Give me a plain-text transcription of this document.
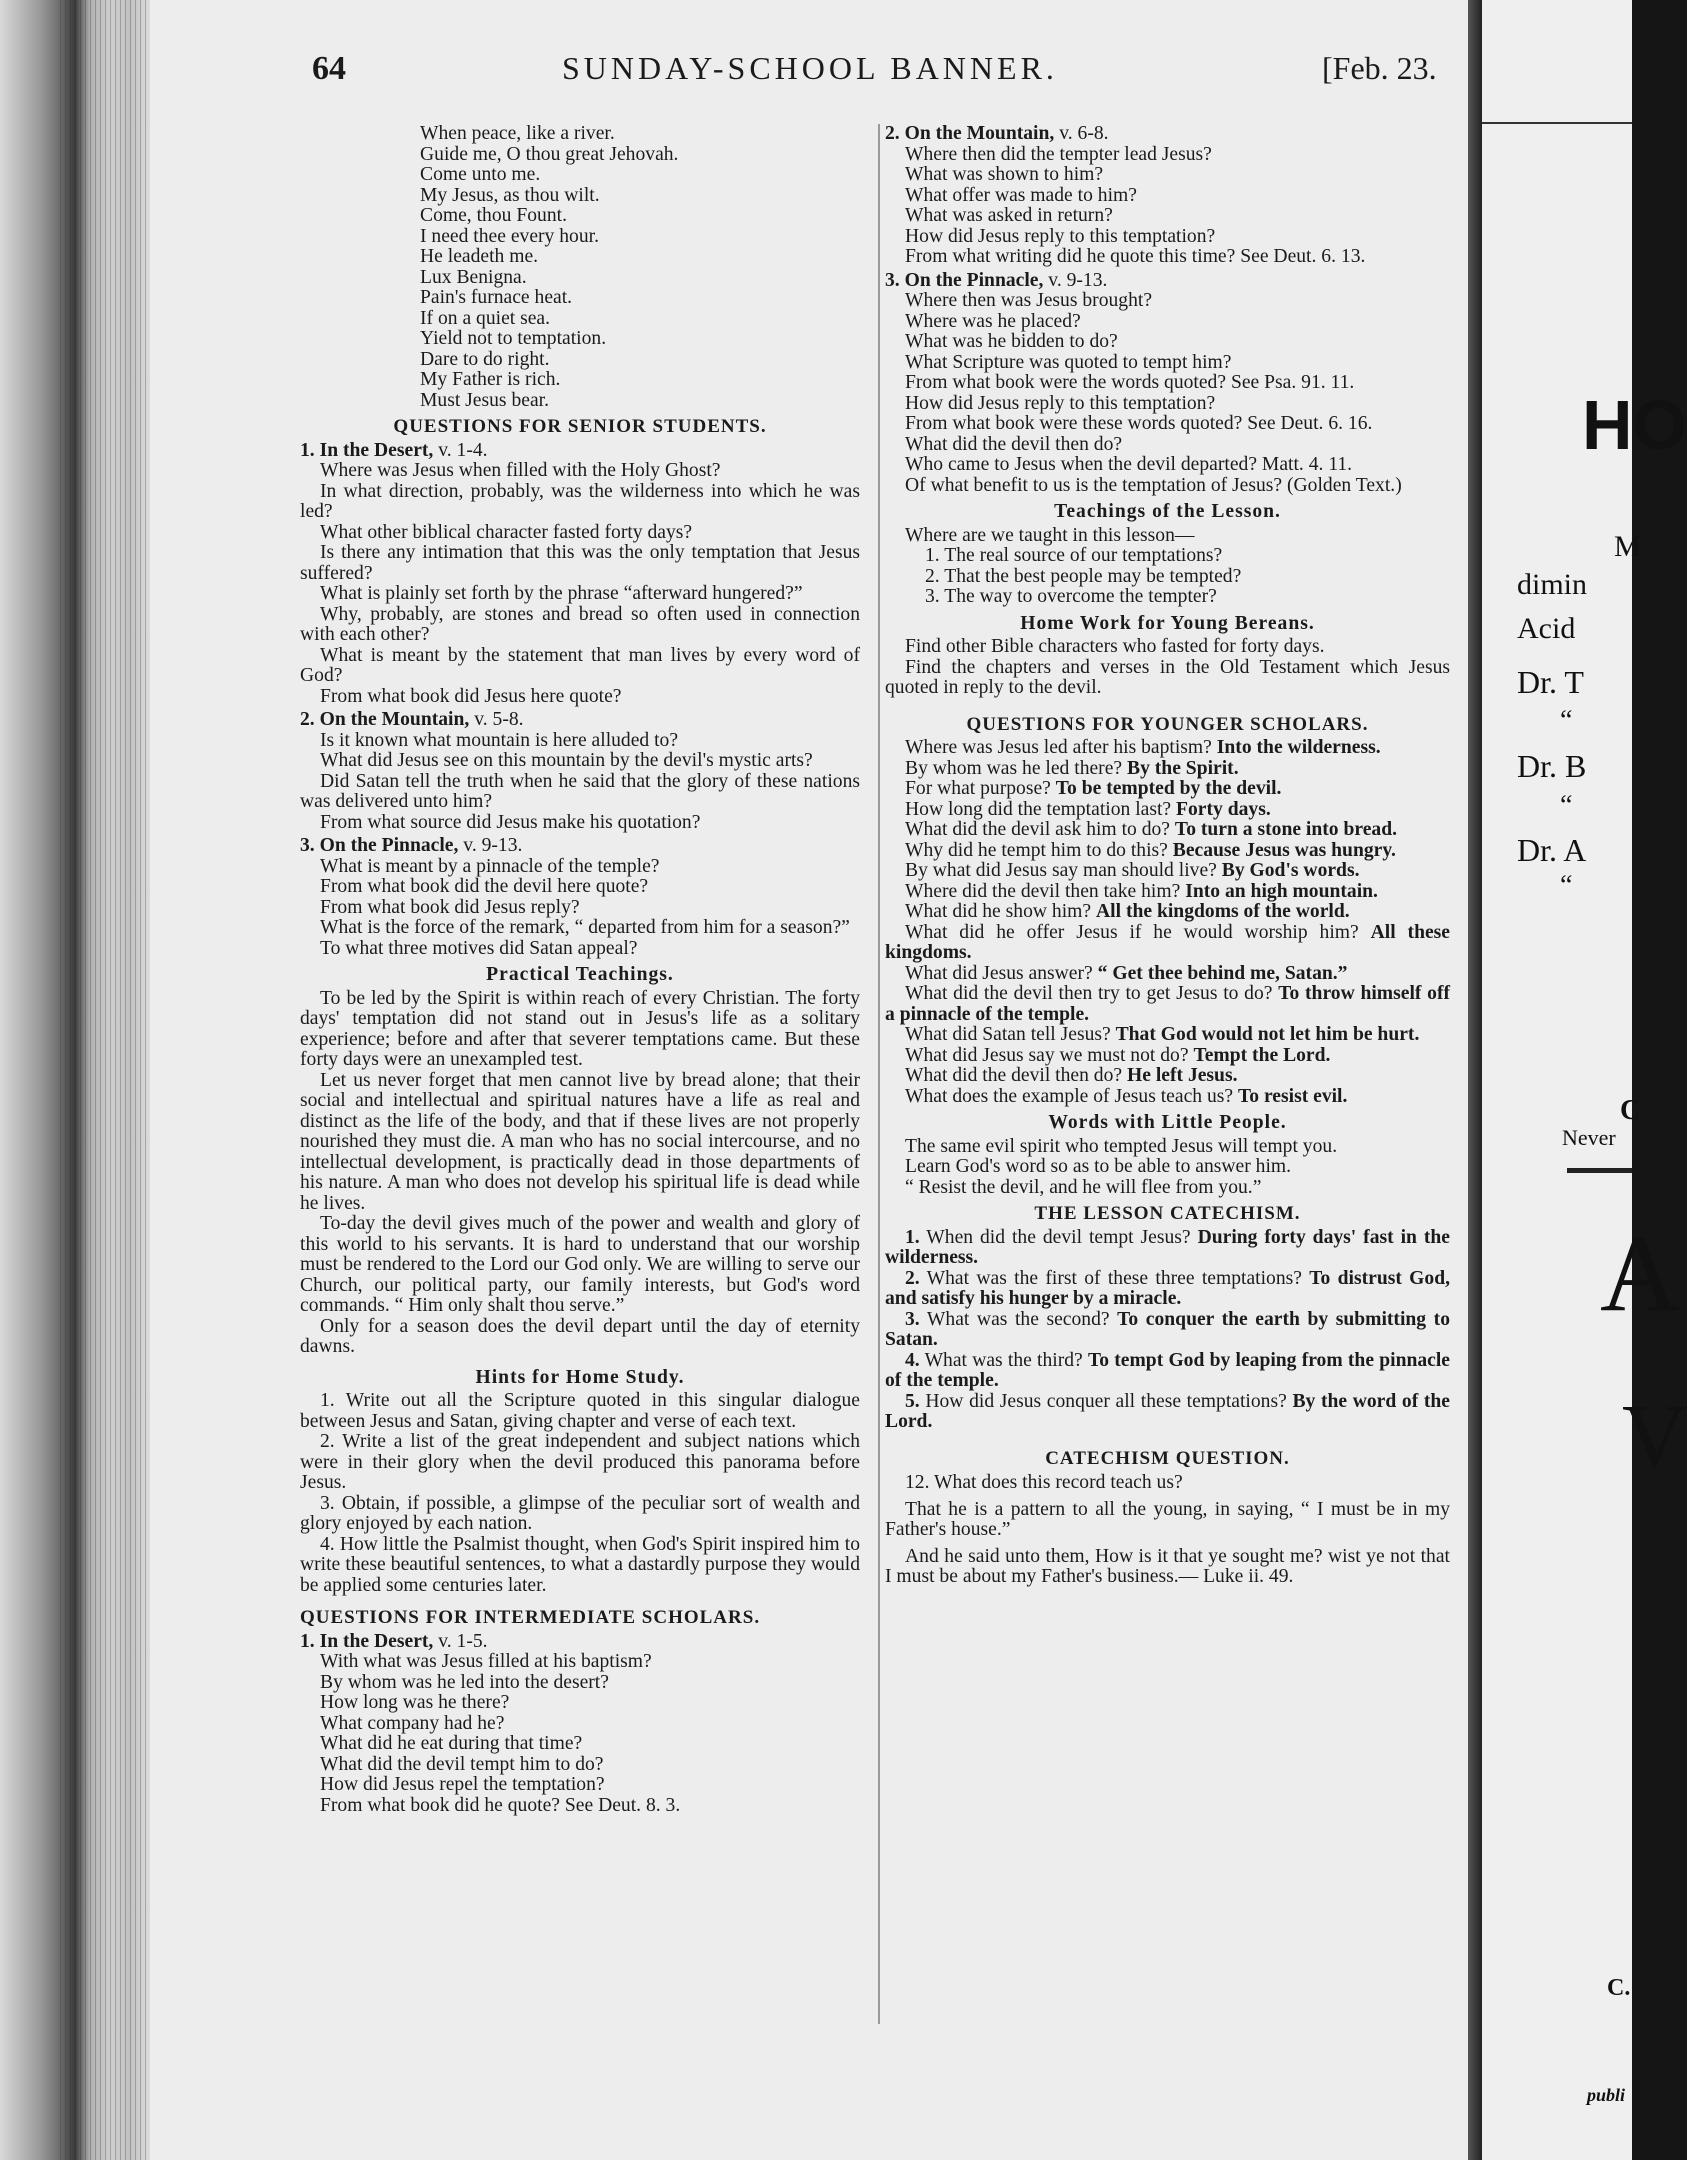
HO
M
dimin
Acid
Dr. T
“
Dr. B
“
Dr. A
“
C
Never
A
V
C.
publi
64	SUNDAY-SCHOOL BANNER.	[Feb. 23.
When peace, like a river.
Guide me, O thou great Jehovah.
Come unto me.
My Jesus, as thou wilt.
Come, thou Fount.
I need thee every hour.
He leadeth me.
Lux Benigna.
Pain's furnace heat.
If on a quiet sea.
Yield not to temptation.
Dare to do right.
My Father is rich.
Must Jesus bear.
QUESTIONS FOR SENIOR STUDENTS.
1. In the Desert, v. 1-4.

Where was Jesus when filled with the Holy Ghost?

In what direction, probably, was the wilderness into which he was led?

What other biblical character fasted forty days?

Is there any intimation that this was the only temptation that Jesus suffered?

What is plainly set forth by the phrase “afterward hungered?”

Why, probably, are stones and bread so often used in connection with each other?

What is meant by the statement that man lives by every word of God?

From what book did Jesus here quote?

2. On the Mountain, v. 5-8.

Is it known what mountain is here alluded to?

What did Jesus see on this mountain by the devil's mystic arts?

Did Satan tell the truth when he said that the glory of these nations was delivered unto him?

From what source did Jesus make his quotation?

3. On the Pinnacle, v. 9-13.

What is meant by a pinnacle of the temple?

From what book did the devil here quote?

From what book did Jesus reply?

What is the force of the remark, “ departed from him for a season?”

To what three motives did Satan appeal?

Practical Teachings.

To be led by the Spirit is within reach of every Christian. The forty days' temptation did not stand out in Jesus's life as a solitary experience; before and after that severer temptations came. But these forty days were an unexampled test.

Let us never forget that men cannot live by bread alone; that their social and intellectual and spiritual natures have a life as real and distinct as the life of the body, and that if these lives are not properly nourished they must die. A man who has no social intercourse, and no intellectual development, is practically dead in those departments of his nature. A man who does not develop his spiritual life is dead while he lives.

To-day the devil gives much of the power and wealth and glory of this world to his servants. It is hard to understand that our worship must be rendered to the Lord our God only. We are willing to serve our Church, our political party, our family interests, but God's word commands. “ Him only shalt thou serve.”

Only for a season does the devil depart until the day of eternity dawns.

Hints for Home Study.

1. Write out all the Scripture quoted in this singular dialogue between Jesus and Satan, giving chapter and verse of each text.

2. Write a list of the great independent and subject nations which were in their glory when the devil produced this panorama before Jesus.

3. Obtain, if possible, a glimpse of the peculiar sort of wealth and glory enjoyed by each nation.

4. How little the Psalmist thought, when God's Spirit inspired him to write these beautiful sentences, to what a dastardly purpose they would be applied some centuries later.

QUESTIONS FOR INTERMEDIATE SCHOLARS.
1. In the Desert, v. 1-5.
With what was Jesus filled at his baptism?
By whom was he led into the desert?
How long was he there?
What company had he?
What did he eat during that time?
What did the devil tempt him to do?
How did Jesus repel the temptation?
From what book did he quote? See Deut. 8. 3.
2. On the Mountain, v. 6-8.

Where then did the tempter lead Jesus?

What was shown to him?

What offer was made to him?

What was asked in return?

How did Jesus reply to this temptation?

From what writing did he quote this time? See Deut. 6. 13.

3. On the Pinnacle, v. 9-13.

Where then was Jesus brought?

Where was he placed?

What was he bidden to do?

What Scripture was quoted to tempt him?

From what book were the words quoted? See Psa. 91. 11.

How did Jesus reply to this temptation?

From what book were these words quoted? See Deut. 6. 16.

What did the devil then do?

Who came to Jesus when the devil departed? Matt. 4. 11.

Of what benefit to us is the temptation of Jesus? (Golden Text.)

Teachings of the Lesson.

Where are we taught in this lesson—

1. The real source of our temptations?
2. That the best people may be tempted?
3. The way to overcome the tempter?
Home Work for Young Bereans.

Find other Bible characters who fasted for forty days.

Find the chapters and verses in the Old Testament which Jesus quoted in reply to the devil.

QUESTIONS FOR YOUNGER SCHOLARS.

Where was Jesus led after his baptism? Into the wilderness.

By whom was he led there? By the Spirit.

For what purpose? To be tempted by the devil.

How long did the temptation last? Forty days.

What did the devil ask him to do? To turn a stone into bread.

Why did he tempt him to do this? Because Jesus was hungry.

By what did Jesus say man should live? By God's words.

Where did the devil then take him? Into an high mountain.

What did he show him? All the kingdoms of the world.

What did he offer Jesus if he would worship him? All these kingdoms.

What did Jesus answer? “ Get thee behind me, Satan.”

What did the devil then try to get Jesus to do? To throw himself off a pinnacle of the temple.

What did Satan tell Jesus? That God would not let him be hurt.

What did Jesus say we must not do? Tempt the Lord.

What did the devil then do? He left Jesus.

What does the example of Jesus teach us? To resist evil.

Words with Little People.

The same evil spirit who tempted Jesus will tempt you.

Learn God's word so as to be able to answer him.

“ Resist the devil, and he will flee from you.”

THE LESSON CATECHISM.

1. When did the devil tempt Jesus? During forty days' fast in the wilderness.

2. What was the first of these three temptations? To distrust God, and satisfy his hunger by a miracle.

3. What was the second? To conquer the earth by submitting to Satan.

4. What was the third? To tempt God by leaping from the pinnacle of the temple.

5. How did Jesus conquer all these temptations? By the word of the Lord.

CATECHISM QUESTION.

12. What does this record teach us?

That he is a pattern to all the young, in saying, “ I must be in my Father's house.”

And he said unto them, How is it that ye sought me? wist ye not that I must be about my Father's business.— Luke ii. 49.
